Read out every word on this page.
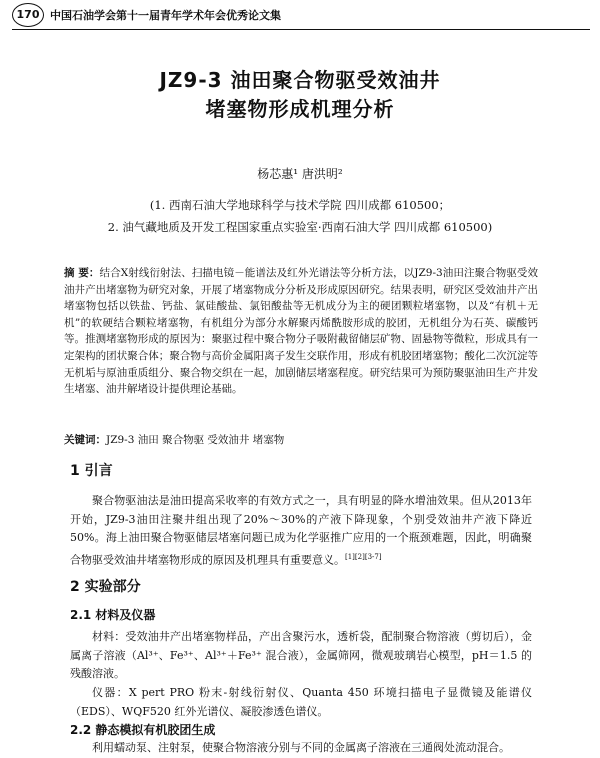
170 中国石油学会第十一届青年学术年会优秀论文集
JZ9-3 油田聚合物驱受效油井
堵塞物形成机理分析
杨芯惠¹ 唐洪明²
(1. 西南石油大学地球科学与技术学院 四川成都 610500；
2. 油气藏地质及开发工程国家重点实验室·西南石油大学 四川成都 610500)
摘 要：结合X射线衍射法、扫描电镜－能谱法及红外光谱法等分析方法，以JZ9-3油田注聚合物驱受效油井产出堵塞物为研究对象，开展了堵塞物成分分析及形成原因研究。结果表明，研究区受效油井产出堵塞物包括以铁盐、钙盐、氯硅酸盐、氯铝酸盐等无机成分为主的硬团颗粒堵塞物，以及“有机＋无机”的软硬结合颗粒堵塞物，有机组分为部分水解聚丙烯酰胺形成的胶团，无机组分为石英、碳酸钙等。推测堵塞物形成的原因为：聚驱过程中聚合物分子吸附截留储层矿物、固悬物等微粒，形成具有一定架构的团状聚合体；聚合物与高价金属阳离子发生交联作用，形成有机胶团堵塞物；酸化二次沉淀等无机垢与原油重质组分、聚合物交织在一起，加剧储层堵塞程度。研究结果可为预防聚驱油田生产井发生堵塞、油井解堵设计提供理论基础。
关键词：JZ9-3 油田 聚合物驱 受效油井 堵塞物
1 引言
聚合物驱油法是油田提高采收率的有效方式之一，具有明显的降水增油效果。但从2013年开始，JZ9-3油田注聚井组出现了20%～30%的产液下降现象，个别受效油井产液下降近50%。海上油田聚合物驱储层堵塞问题已成为化学驱推广应用的一个瓶颈难题，因此，明确聚合物驱受效油井堵塞物形成的原因及机理具有重要意义。[1][2][3-7]
2 实验部分
2.1 材料及仪器
材料：受效油井产出堵塞物样品，产出含聚污水，透析袋，配制聚合物溶液（剪切后），金属离子溶液（Al³⁺、Fe³⁺、Al³⁺＋Fe³⁺ 混合液），金属筛网，微观玻璃岩心模型，pH＝1.5 的残酸溶液。
仪器：X pert PRO 粉末-射线衍射仪、Quanta 450 环境扫描电子显微镜及能谱仪（EDS）、WQF520 红外光谱仪、凝胶渗透色谱仪。
2.2 静态模拟有机胶团生成
利用蠕动泵、注射泵，使聚合物溶液分别与不同的金属离子溶液在三通阀处流动混合。
